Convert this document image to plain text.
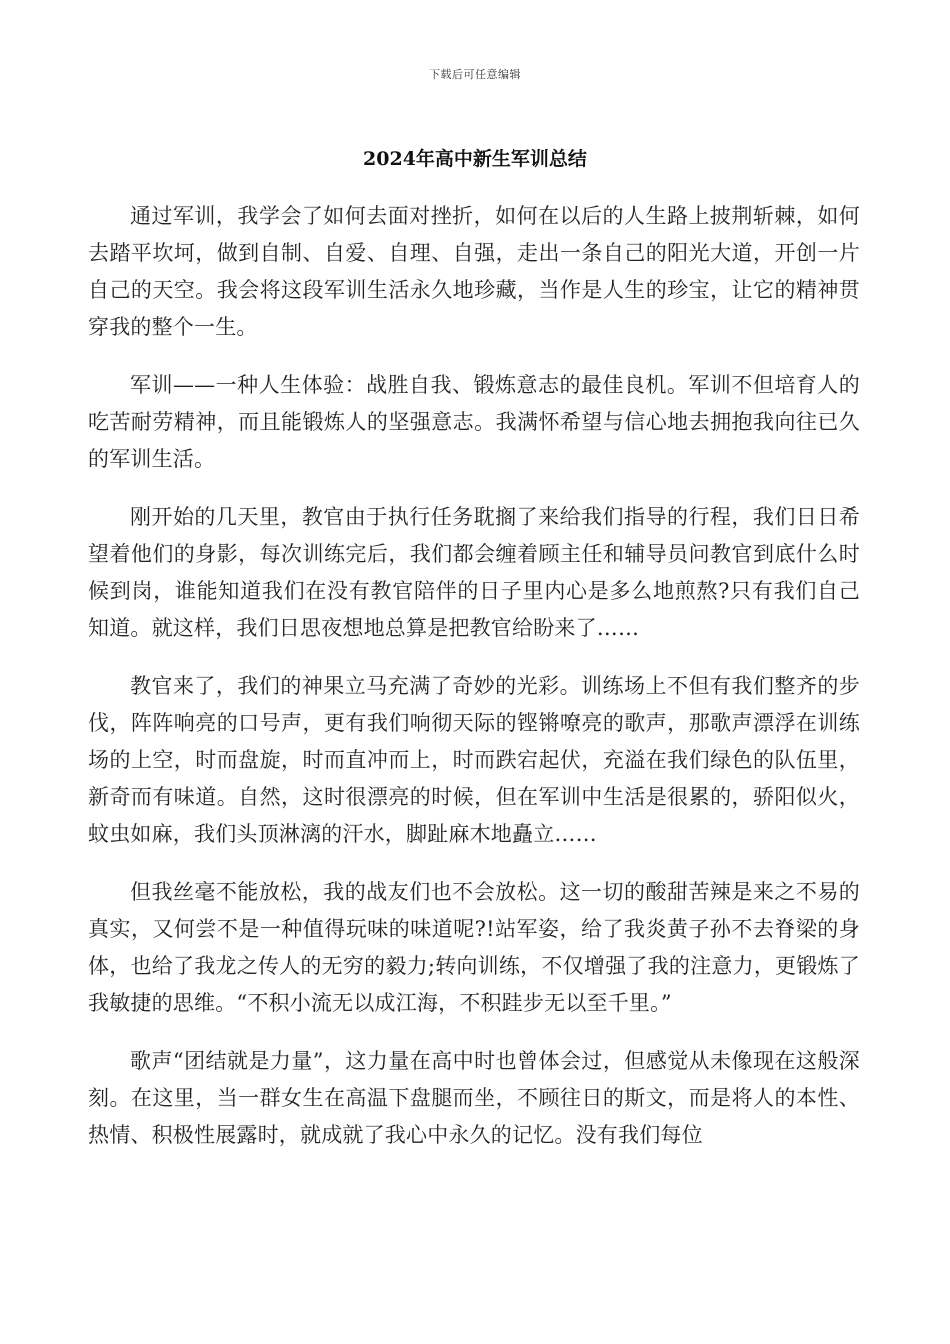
下载后可任意编辑
2024年高中新生军训总结

通过军训，我学会了如何去面对挫折，如何在以后的人生路上披荆斩棘，如何去踏平坎坷，做到自制、自爱、自理、自强，走出一条自己的阳光大道，开创一片自己的天空。我会将这段军训生活永久地珍藏，当作是人生的珍宝，让它的精神贯穿我的整个一生。

军训——一种人生体验：战胜自我、锻炼意志的最佳良机。军训不但培育人的吃苦耐劳精神，而且能锻炼人的坚强意志。我满怀希望与信心地去拥抱我向往已久的军训生活。

刚开始的几天里，教官由于执行任务耽搁了来给我们指导的行程，我们日日希望着他们的身影，每次训练完后，我们都会缠着顾主任和辅导员问教官到底什么时候到岗，谁能知道我们在没有教官陪伴的日子里内心是多么地煎熬?只有我们自己知道。就这样，我们日思夜想地总算是把教官给盼来了……

教官来了，我们的神果立马充满了奇妙的光彩。训练场上不但有我们整齐的步伐，阵阵响亮的口号声，更有我们响彻天际的铿锵嘹亮的歌声，那歌声漂浮在训练场的上空，时而盘旋，时而直冲而上，时而跌宕起伏，充溢在我们绿色的队伍里，新奇而有味道。自然，这时很漂亮的时候，但在军训中生活是很累的，骄阳似火，蚊虫如麻，我们头顶淋漓的汗水，脚趾麻木地矗立……

但我丝毫不能放松，我的战友们也不会放松。这一切的酸甜苦辣是来之不易的真实，又何尝不是一种值得玩味的味道呢?!站军姿，给了我炎黄子孙不去脊梁的身体，也给了我龙之传人的无穷的毅力;转向训练，不仅增强了我的注意力，更锻炼了我敏捷的思维。“不积小流无以成江海，不积跬步无以至千里。”

歌声“团结就是力量”，这力量在高中时也曾体会过，但感觉从未像现在这般深刻。在这里，当一群女生在高温下盘腿而坐，不顾往日的斯文，而是将人的本性、热情、积极性展露时，就成就了我心中永久的记忆。没有我们每位
